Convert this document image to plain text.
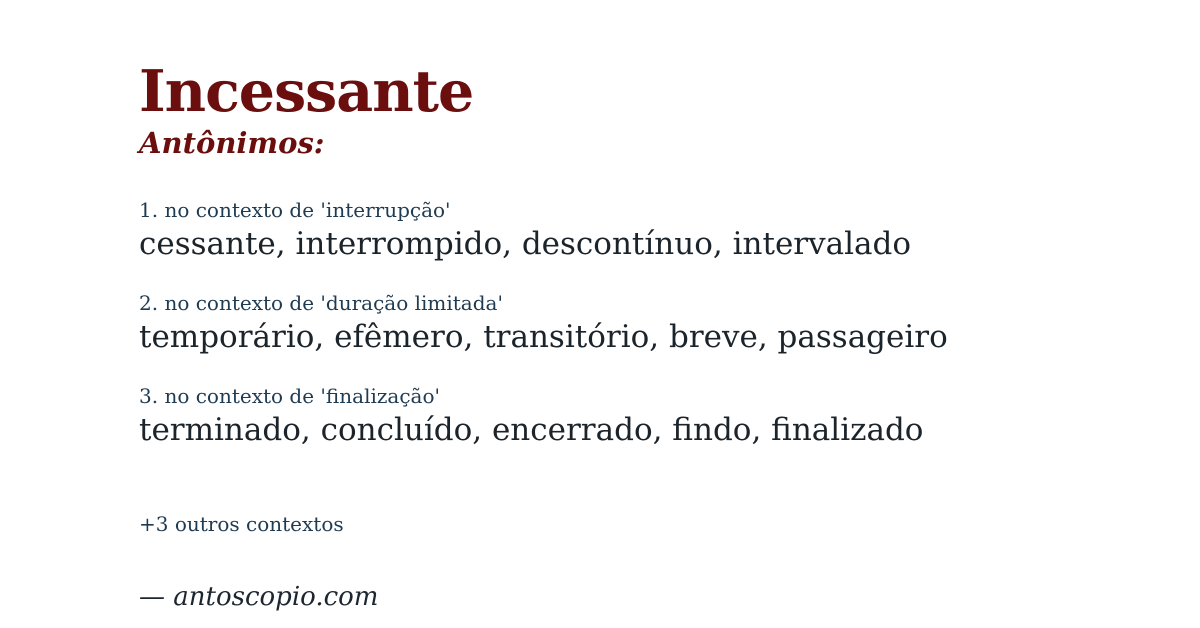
Incessante
Antônimos:
1. no contexto de 'interrupção'
cessante, interrompido, descontínuo, intervalado
2. no contexto de 'duração limitada'
temporário, efêmero, transitório, breve, passageiro
3. no contexto de 'finalização'
terminado, concluído, encerrado, findo, finalizado
+3 outros contextos
— antoscopio.com
